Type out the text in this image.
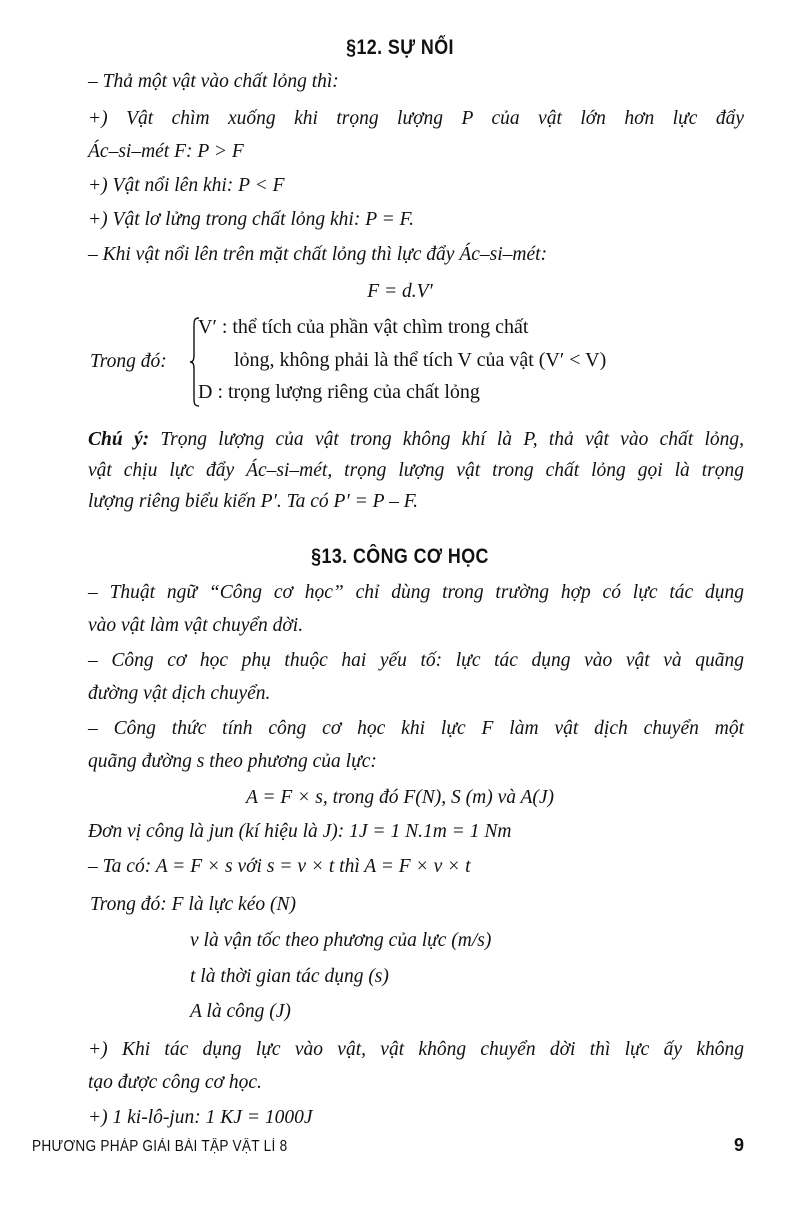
§12. SỰ NỔI
– Thả một vật vào chất lỏng thì:
+) Vật chìm xuống khi trọng lượng P của vật lớn hơn lực đẩy
Ác–si–mét F: P > F
+) Vật nổi lên khi: P < F
+) Vật lơ lửng trong chất lỏng khi: P = F.
– Khi vật nổi lên trên mặt chất lỏng thì lực đẩy Ác–si–mét:
F = d.V′
Trong đó:
V′ : thể tích của phần vật chìm trong chất
lỏng, không phải là thể tích V của vật (V′ < V)
D : trọng lượng riêng của chất lỏng
Chú ý: Trọng lượng của vật trong không khí là P, thả vật vào chất lỏng,
vật chịu lực đẩy Ác–si–mét, trọng lượng vật trong chất lỏng gọi là trọng
lượng riêng biểu kiến P′. Ta có P′ = P – F.
§13. CÔNG CƠ HỌC
– Thuật ngữ “Công cơ học” chỉ dùng trong trường hợp có lực tác dụng
vào vật làm vật chuyển dời.
– Công cơ học phụ thuộc hai yếu tố: lực tác dụng vào vật và quãng
đường vật dịch chuyển.
– Công thức tính công cơ học khi lực F làm vật dịch chuyển một
quãng đường s theo phương của lực:
A = F × s, trong đó F(N), S (m) và A(J)
Đơn vị công là jun (kí hiệu là J): 1J = 1 N.1m = 1 Nm
– Ta có: A = F × s với s = v × t thì A = F × v × t
Trong đó: F là lực kéo (N)
v là vận tốc theo phương của lực (m/s)
t là thời gian tác dụng (s)
A là công (J)
+) Khi tác dụng lực vào vật, vật không chuyển dời thì lực ấy không
tạo được công cơ học.
+) 1 ki-lô-jun: 1 KJ = 1000J
PHƯƠNG PHÁP GIẢI BÀI TẬP VẬT LÍ 8	9
